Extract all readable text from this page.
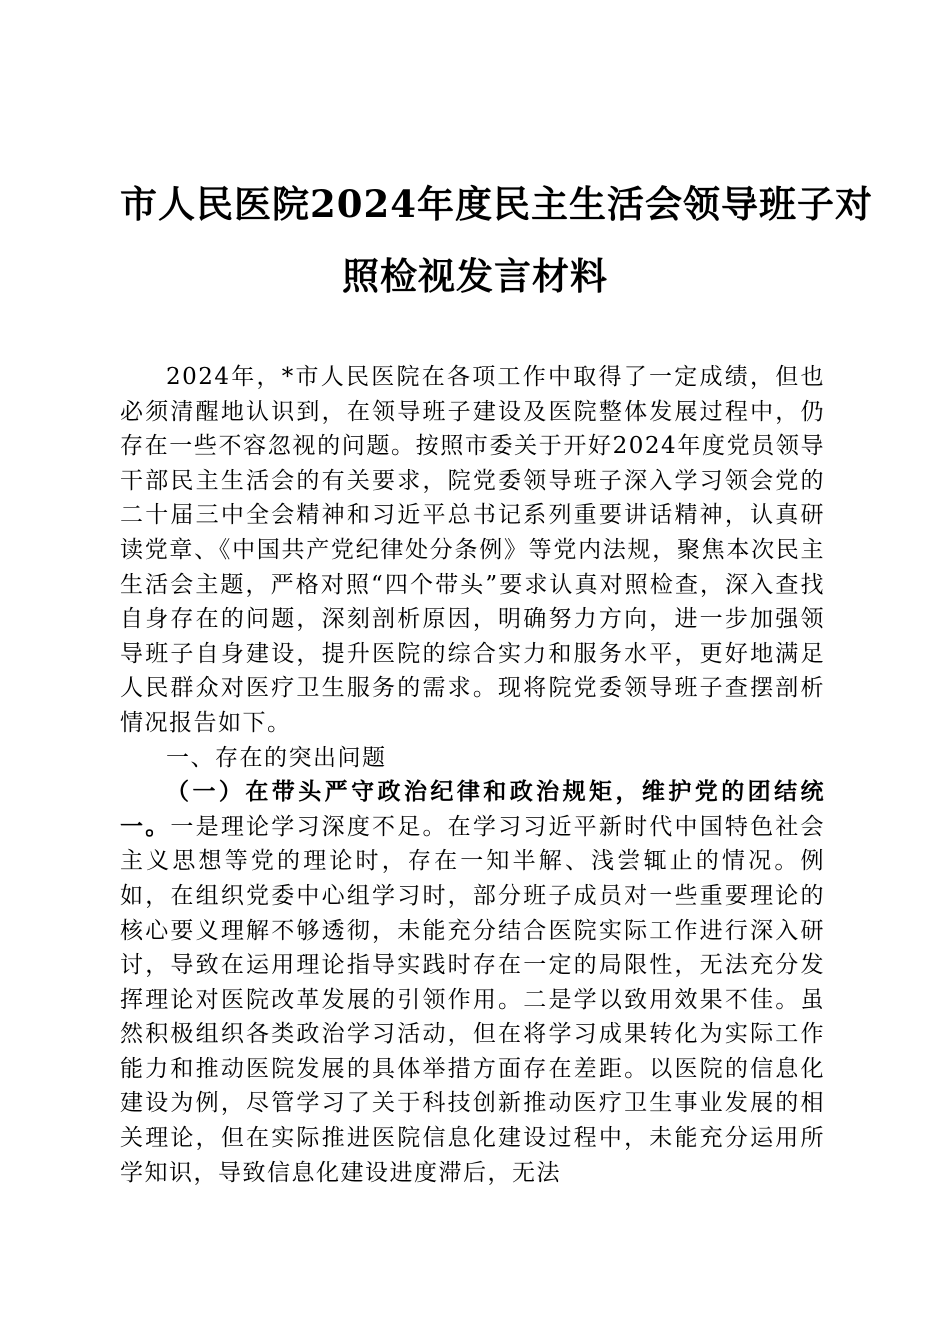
市人民医院2024年度民主生活会领导班子对
照检视发言材料

2024年，*市人民医院在各项工作中取得了一定成绩，但也必须清醒地认识到，在领导班子建设及医院整体发展过程中，仍存在一些不容忽视的问题。按照市委关于开好2024年度党员领导干部民主生活会的有关要求，院党委领导班子深入学习领会党的二十届三中全会精神和习近平总书记系列重要讲话精神，认真研读党章、《中国共产党纪律处分条例》等党内法规，聚焦本次民主生活会主题，严格对照“四个带头”要求认真对照检查，深入查找自身存在的问题，深刻剖析原因，明确努力方向，进一步加强领导班子自身建设，提升医院的综合实力和服务水平，更好地满足人民群众对医疗卫生服务的需求。现将院党委领导班子查摆剖析情况报告如下。

一、存在的突出问题

（一）在带头严守政治纪律和政治规矩，维护党的团结统一。一是理论学习深度不足。在学习习近平新时代中国特色社会主义思想等党的理论时，存在一知半解、浅尝辄止的情况。例如，在组织党委中心组学习时，部分班子成员对一些重要理论的核心要义理解不够透彻，未能充分结合医院实际工作进行深入研讨，导致在运用理论指导实践时存在一定的局限性，无法充分发挥理论对医院改革发展的引领作用。二是学以致用效果不佳。虽然积极组织各类政治学习活动，但在将学习成果转化为实际工作能力和推动医院发展的具体举措方面存在差距。以医院的信息化建设为例，尽管学习了关于科技创新推动医疗卫生事业发展的相关理论，但在实际推进医院信息化建设过程中，未能充分运用所学知识，导致信息化建设进度滞后，无法
